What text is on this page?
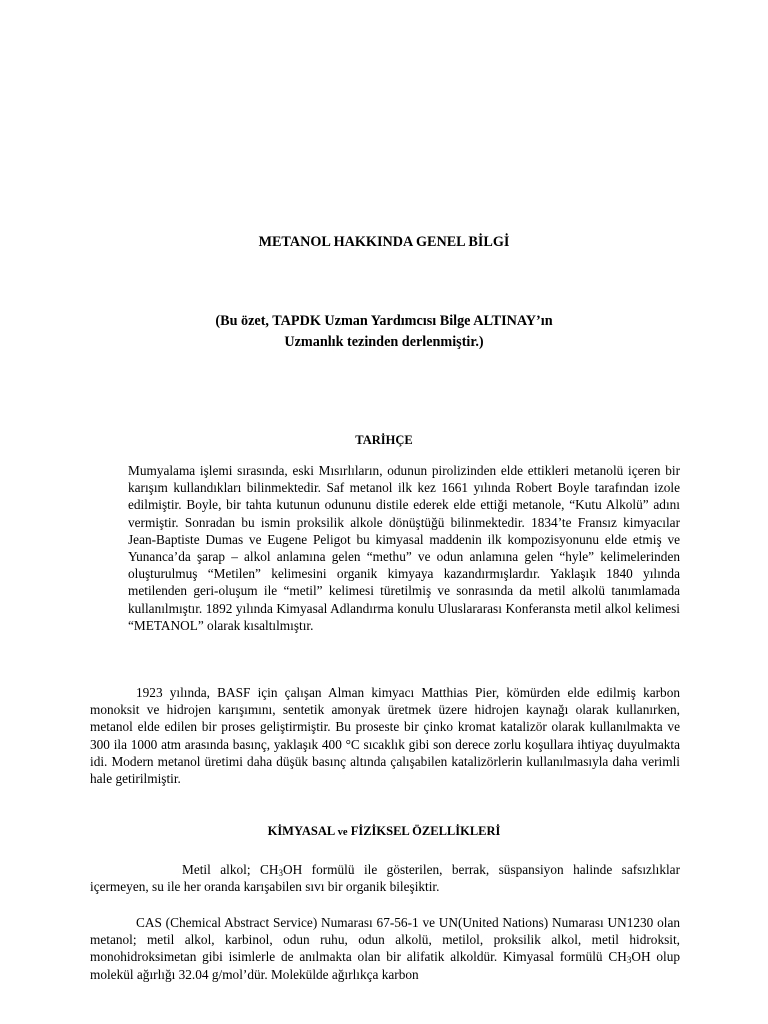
METANOL HAKKINDA GENEL BİLGİ
(Bu özet, TAPDK Uzman Yardımcısı Bilge ALTINAY’ın
Uzmanlık tezinden derlenmiştir.)
TARİHÇE
Mumyalama işlemi sırasında, eski Mısırlıların, odunun pirolizinden elde ettikleri metanolü içeren bir karışım kullandıkları bilinmektedir. Saf metanol ilk kez 1661 yılında Robert Boyle tarafından izole edilmiştir. Boyle, bir tahta kutunun odununu distile ederek elde ettiği metanole, “Kutu Alkolü” adını vermiştir. Sonradan bu ismin proksilik alkole dönüştüğü bilinmektedir. 1834’te Fransız kimyacılar Jean-Baptiste Dumas ve Eugene Peligot bu kimyasal maddenin ilk kompozisyonunu elde etmiş ve Yunanca’da şarap – alkol anlamına gelen “methu” ve odun anlamına gelen “hyle” kelimelerinden oluşturulmuş “Metilen” kelimesini organik kimyaya kazandırmışlardır. Yaklaşık 1840 yılında metilenden geri-oluşum ile “metil” kelimesi türetilmiş ve sonrasında da metil alkolü tanımlamada kullanılmıştır. 1892 yılında Kimyasal Adlandırma konulu Uluslararası Konferansta metil alkol kelimesi “METANOL” olarak kısaltılmıştır.
1923 yılında, BASF için çalışan Alman kimyacı Matthias Pier, kömürden elde edilmiş karbon monoksit ve hidrojen karışımını, sentetik amonyak üretmek üzere hidrojen kaynağı olarak kullanırken, metanol elde edilen bir proses geliştirmiştir. Bu proseste bir çinko kromat katalizör olarak kullanılmakta ve 300 ila 1000 atm arasında basınç, yaklaşık 400 °C sıcaklık gibi son derece zorlu koşullara ihtiyaç duyulmakta idi. Modern metanol üretimi daha düşük basınç altında çalışabilen katalizörlerin kullanılmasıyla daha verimli hale getirilmiştir.
KİMYASAL ve FİZİKSEL ÖZELLİKLERİ
Metil alkol; $CH_3OH$ formülü ile gösterilen, berrak, süspansiyon halinde safsızlıklar içermeyen, su ile her oranda karışabilen sıvı bir organik bileşiktir.
CAS (Chemical Abstract Service) Numarası 67-56-1 ve UN(United Nations) Numarası UN1230 olan metanol; metil alkol, karbinol, odun ruhu, odun alkolü, metilol, proksilik alkol, metil hidroksit, monohidroksimetan gibi isimlerle de anılmakta olan bir alifatik alkoldür. Kimyasal formülü $CH_3OH$ olup molekül ağırlığı 32.04 g/mol’dür. Molekülde ağırlıkça karbon
